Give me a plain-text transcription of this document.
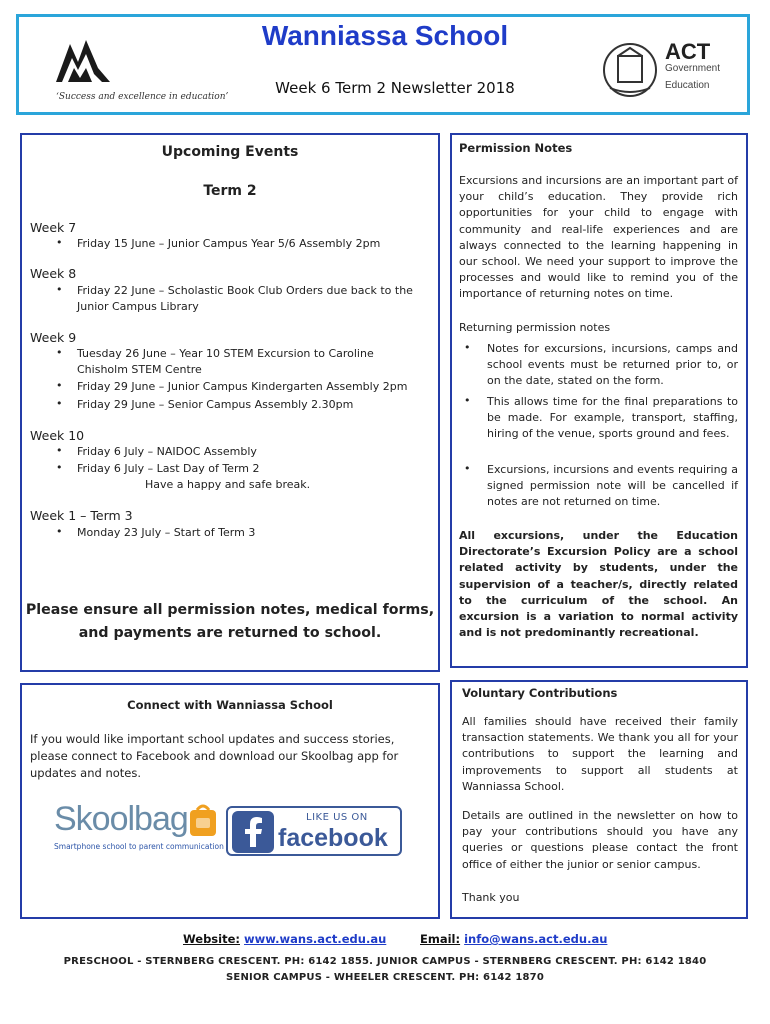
‘Success and excellence in education’
Wanniassa School
Week 6 Term 2 Newsletter 2018
ACT
Government
Education
Upcoming Events
Term 2
Week 7
• Friday 15 June – Junior Campus Year 5/6 Assembly 2pm
Week 8
• Friday 22 June – Scholastic Book Club Orders due back to the
Junior Campus Library
Week 9
• Tuesday 26 June – Year 10 STEM Excursion to Caroline
Chisholm STEM Centre
• Friday 29 June – Junior Campus Kindergarten Assembly 2pm
• Friday 29 June – Senior Campus Assembly 2.30pm
Week 10
• Friday 6 July – NAIDOC Assembly
• Friday 6 July – Last Day of Term 2
Have a happy and safe break.
Week 1 – Term 3
• Monday 23 July – Start of Term 3
Please ensure all permission notes, medical forms,
and payments are returned to school.
Permission Notes
Excursions and incursions are an important part of your child’s education. They provide rich opportunities for your child to engage with community and real-life experiences and are always connected to the learning happening in our school. We need your support to improve the processes and would like to remind you of the importance of returning notes on time.
Returning permission notes
• Notes for excursions, incursions, camps and school events must be returned prior to, or on the date, stated on the form.
• This allows time for the final preparations to be made. For example, transport, staffing, hiring of the venue, sports ground and fees.
• Excursions, incursions and events requiring a signed permission note will be cancelled if notes are not returned on time.
All excursions, under the Education Directorate’s Excursion Policy are a school related activity by students, under the supervision of a teacher/s, directly related to the curriculum of the school. An excursion is a variation to normal activity and is not predominantly recreational.
Connect with Wanniassa School
If you would like important school updates and success stories, please connect to Facebook and download our Skoolbag app for updates and notes.
Skoolbag
Smartphone school to parent communication
LIKE US ON
facebook
Voluntary Contributions
All families should have received their family transaction statements. We thank you all for your contributions to support the learning and improvements to support all students at Wanniassa School.
Details are outlined in the newsletter on how to pay your contributions should you have any queries or questions please contact the front office of either the junior or senior campus.
Thank you
Website: www.wans.act.edu.au	Email: info@wans.act.edu.au
PRESCHOOL - STERNBERG CRESCENT. PH: 6142 1855. JUNIOR CAMPUS - STERNBERG CRESCENT. PH: 6142 1840
SENIOR CAMPUS - WHEELER CRESCENT. PH: 6142 1870
